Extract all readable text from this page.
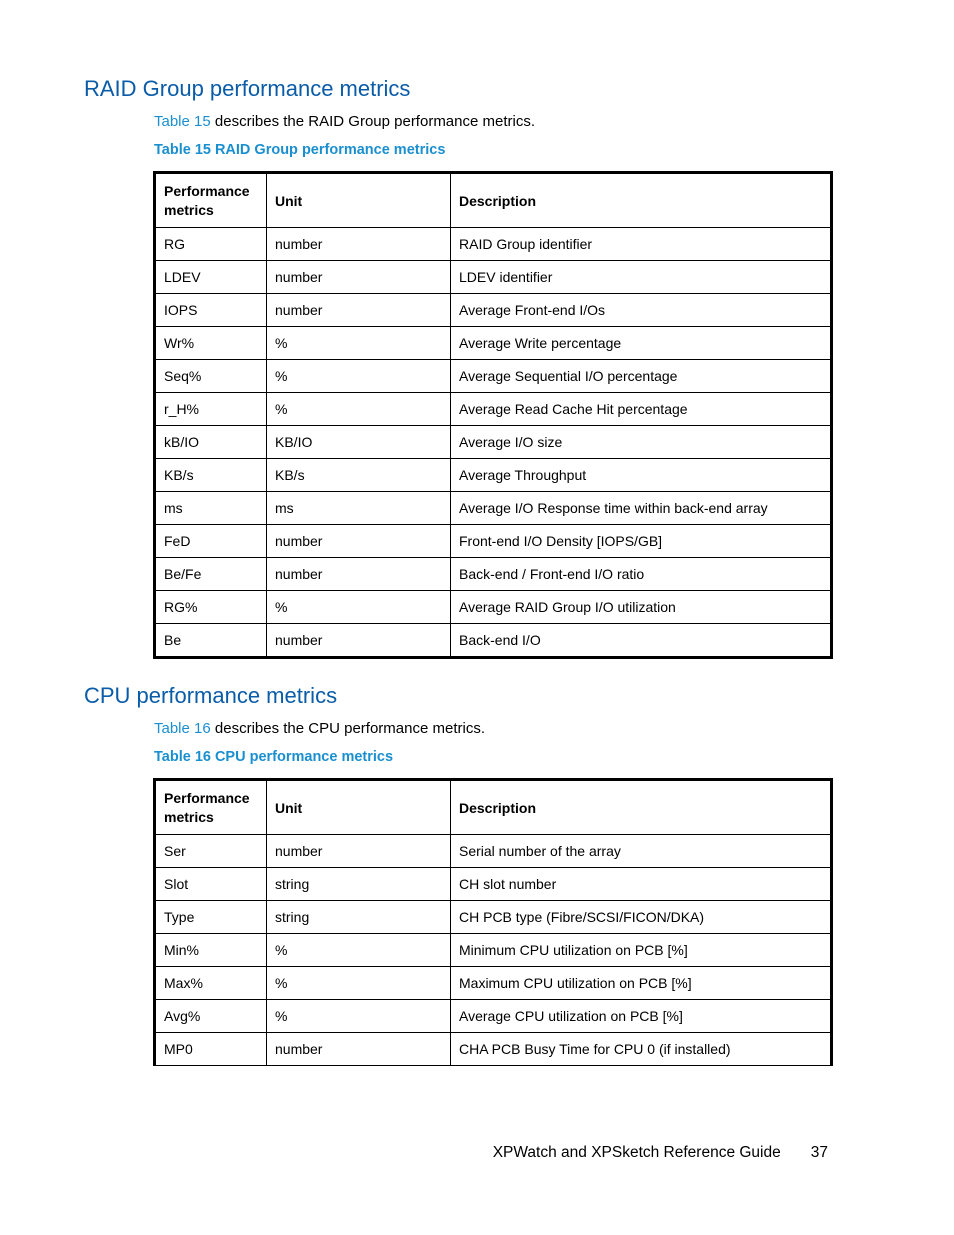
RAID Group performance metrics
Table 15 describes the RAID Group performance metrics.
Table 15 RAID Group performance metrics
Performance
metrics	Unit	Description
RG	number	RAID Group identifier
LDEV	number	LDEV identifier
IOPS	number	Average Front-end I/Os
Wr%	%	Average Write percentage
Seq%	%	Average Sequential I/O percentage
r_H%	%	Average Read Cache Hit percentage
kB/IO	KB/IO	Average I/O size
KB/s	KB/s	Average Throughput
ms	ms	Average I/O Response time within back-end array
FeD	number	Front-end I/O Density [IOPS/GB]
Be/Fe	number	Back-end / Front-end I/O ratio
RG%	%	Average RAID Group I/O utilization
Be	number	Back-end I/O
CPU performance metrics
Table 16 describes the CPU performance metrics.
Table 16 CPU performance metrics
Performance
metrics	Unit	Description
Ser	number	Serial number of the array
Slot	string	CH slot number
Type	string	CH PCB type (Fibre/SCSI/FICON/DKA)
Min%	%	Minimum CPU utilization on PCB [%]
Max%	%	Maximum CPU utilization on PCB [%]
Avg%	%	Average CPU utilization on PCB [%]
MP0	number	CHA PCB Busy Time for CPU 0 (if installed)
XPWatch and XPSketch Reference Guide 37
